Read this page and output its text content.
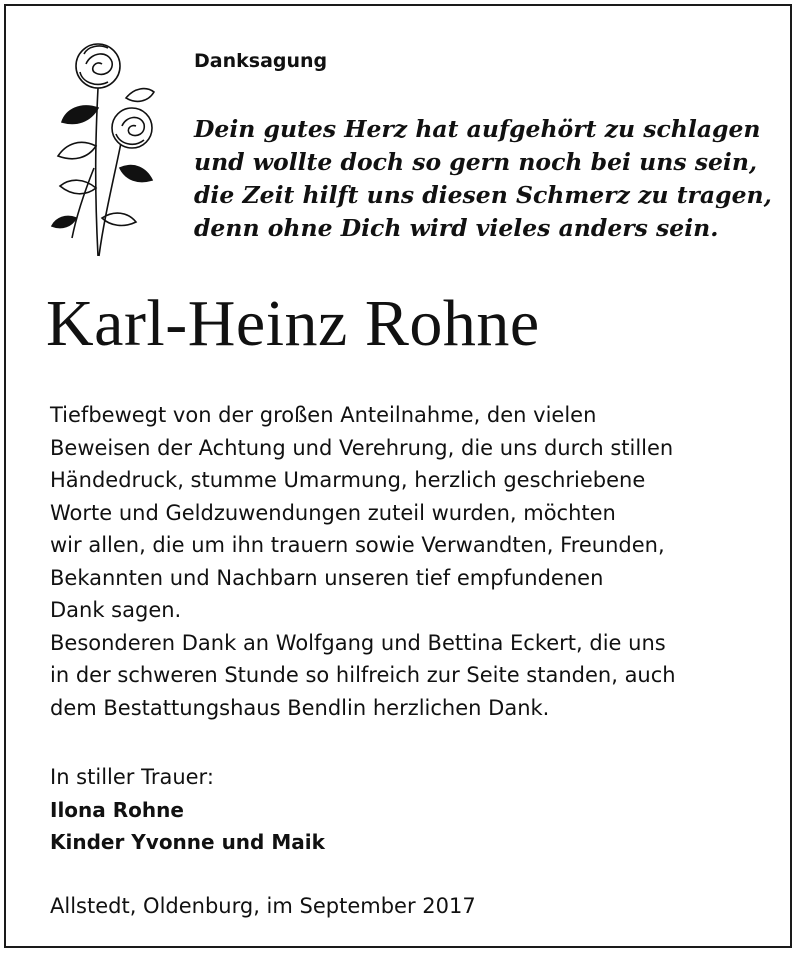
Danksagung
Dein gutes Herz hat aufgehört zu schlagen
und wollte doch so gern noch bei uns sein,
die Zeit hilft uns diesen Schmerz zu tragen,
denn ohne Dich wird vieles anders sein.
Karl-Heinz Rohne
Tiefbewegt von der großen Anteilnahme, den vielen
Beweisen der Achtung und Verehrung, die uns durch stillen
Händedruck, stumme Umarmung, herzlich geschriebene
Worte und Geldzuwendungen zuteil wurden, möchten
wir allen, die um ihn trauern sowie Verwandten, Freunden,
Bekannten und Nachbarn unseren tief empfundenen
Dank sagen.
Besonderen Dank an Wolfgang und Bettina Eckert, die uns
in der schweren Stunde so hilfreich zur Seite standen, auch
dem Bestattungshaus Bendlin herzlichen Dank.
In stiller Trauer:
Ilona Rohne
Kinder Yvonne und Maik
Allstedt, Oldenburg, im September 2017
